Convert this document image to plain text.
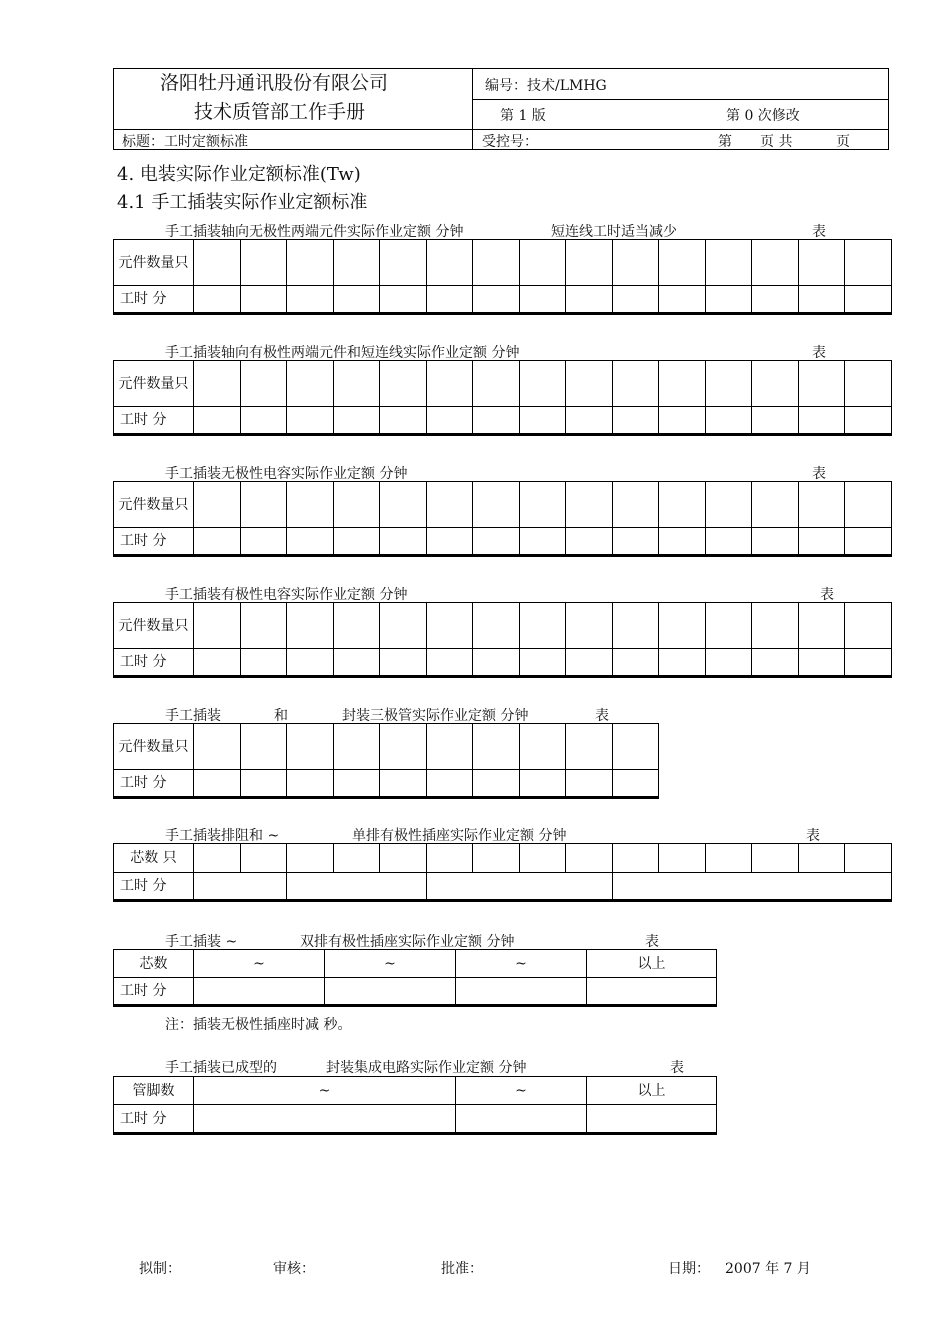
洛阳牡丹通讯股份有限公司
技术质管部工作手册
编号：技术/LMHG
第 1 版	第 0 次修改
标题：工时定额标准	受控号：	第 页 共	页
4. 电装实际作业定额标准(Tw)
4.1 手工插装实际作业定额标准
手工插装轴向无极性两端元件实际作业定额 分钟	短连线工时适当减少	表
元件数量只															
工时 分															
手工插装轴向有极性两端元件和短连线实际作业定额 分钟	表
元件数量只															
工时 分															
手工插装无极性电容实际作业定额 分钟	表
元件数量只															
工时 分															
手工插装有极性电容实际作业定额 分钟	表
元件数量只															
工时 分															
手工插装	和	封装三极管实际作业定额 分钟	表
元件数量只										
工时 分										
手工插装排阻和 ~	单排有极性插座实际作业定额 分钟	表
芯数 只															
工时 分															
手工插装 ~	双排有极性插座实际作业定额 分钟	表
芯数	~	~	~	以上
工时 分				
注：插装无极性插座时减 秒。
手工插装已成型的	封装集成电路实际作业定额 分钟	表
管脚数	~	~	以上
工时 分			
拟制：	审核：	批准：	日期： 2007 年 7 月
